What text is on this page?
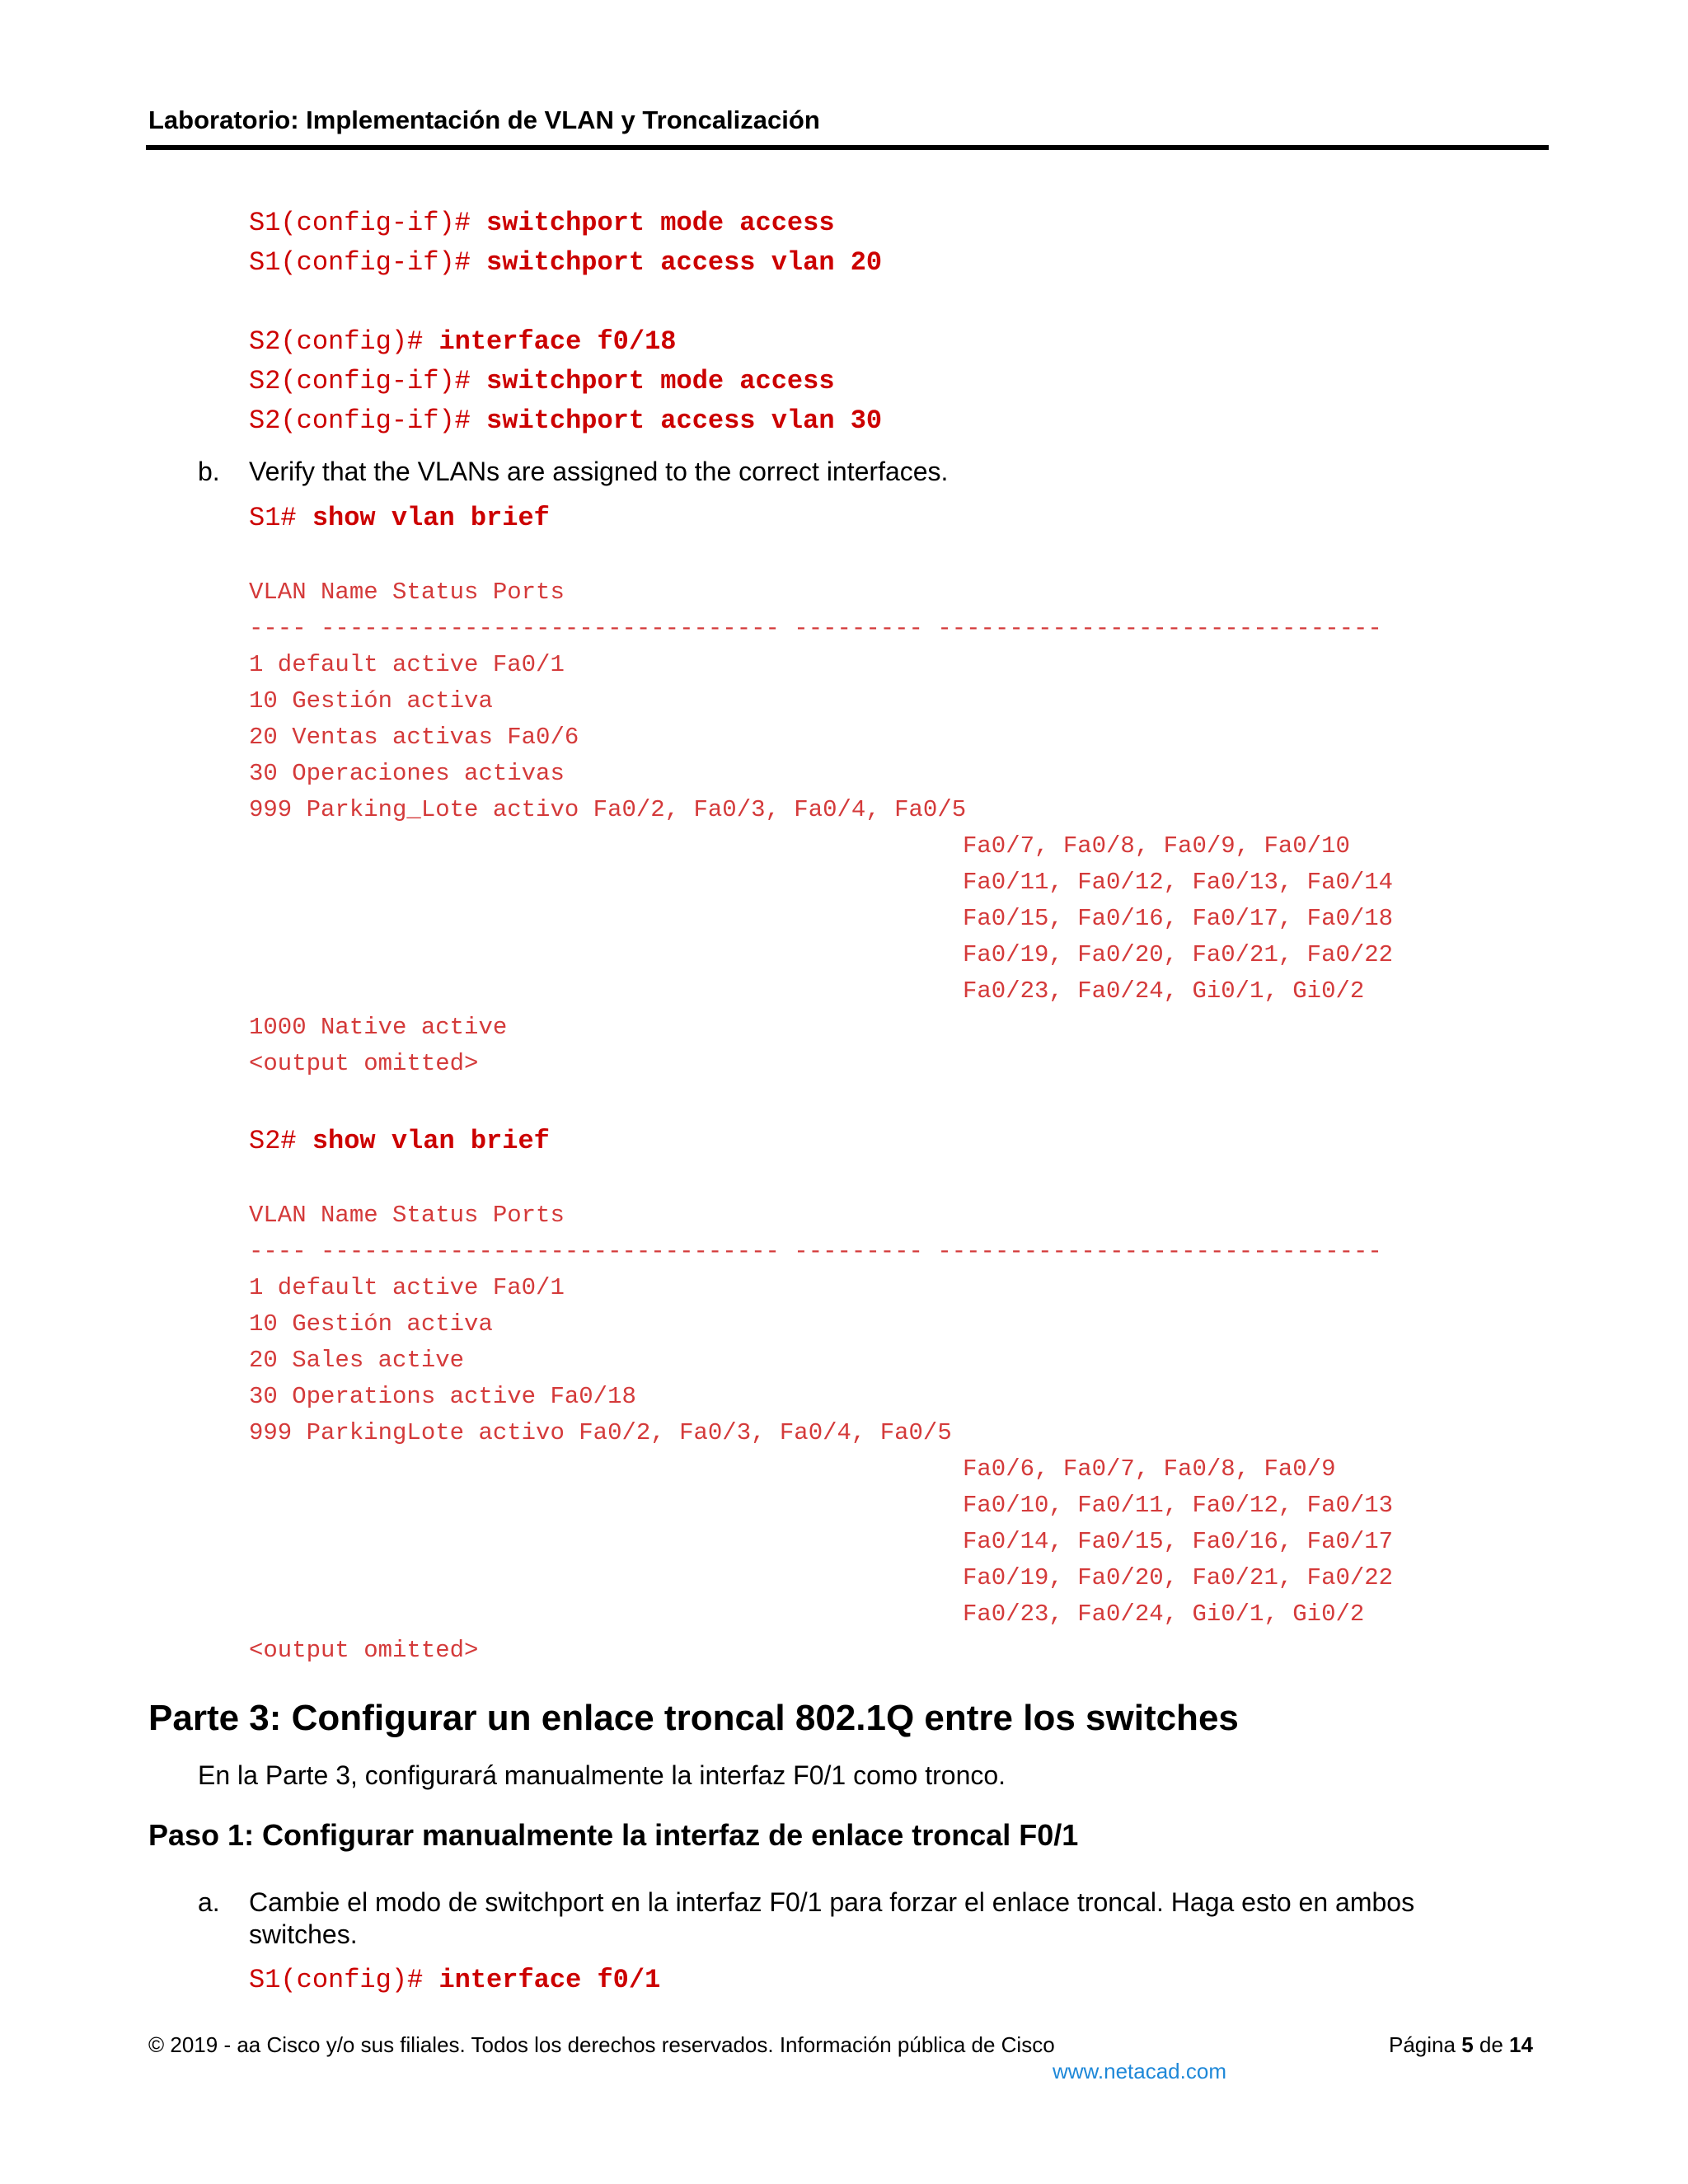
Laboratorio: Implementación de VLAN y Troncalización
S1(config-if)# switchport mode access
S1(config-if)# switchport access vlan 20
S2(config)# interface f0/18
S2(config-if)# switchport mode access
S2(config-if)# switchport access vlan 30
b. Verify that the VLANs are assigned to the correct interfaces.
S1# show vlan brief
VLAN Name Status Ports
---- -------------------------------- --------- -------------------------------
1 default active Fa0/1
10 Gestión activa
20 Ventas activas Fa0/6
30 Operaciones activas
999 Parking_Lote activo Fa0/2, Fa0/3, Fa0/4, Fa0/5
Fa0/7, Fa0/8, Fa0/9, Fa0/10
Fa0/11, Fa0/12, Fa0/13, Fa0/14
Fa0/15, Fa0/16, Fa0/17, Fa0/18
Fa0/19, Fa0/20, Fa0/21, Fa0/22
Fa0/23, Fa0/24, Gi0/1, Gi0/2
1000 Native active
<output omitted>
S2# show vlan brief
VLAN Name Status Ports
---- -------------------------------- --------- -------------------------------
1 default active Fa0/1
10 Gestión activa
20 Sales active
30 Operations active Fa0/18
999 ParkingLote activo Fa0/2, Fa0/3, Fa0/4, Fa0/5
Fa0/6, Fa0/7, Fa0/8, Fa0/9
Fa0/10, Fa0/11, Fa0/12, Fa0/13
Fa0/14, Fa0/15, Fa0/16, Fa0/17
Fa0/19, Fa0/20, Fa0/21, Fa0/22
Fa0/23, Fa0/24, Gi0/1, Gi0/2
<output omitted>
Parte 3: Configurar un enlace troncal 802.1Q entre los switches
En la Parte 3, configurará manualmente la interfaz F0/1 como tronco.
Paso 1: Configurar manualmente la interfaz de enlace troncal F0/1
a. Cambie el modo de switchport en la interfaz F0/1 para forzar el enlace troncal. Haga esto en ambos
switches.
S1(config)# interface f0/1
© 2019 - aa Cisco y/o sus filiales. Todos los derechos reservados. Información pública de Cisco	Página 5 de 14
www.netacad.com
